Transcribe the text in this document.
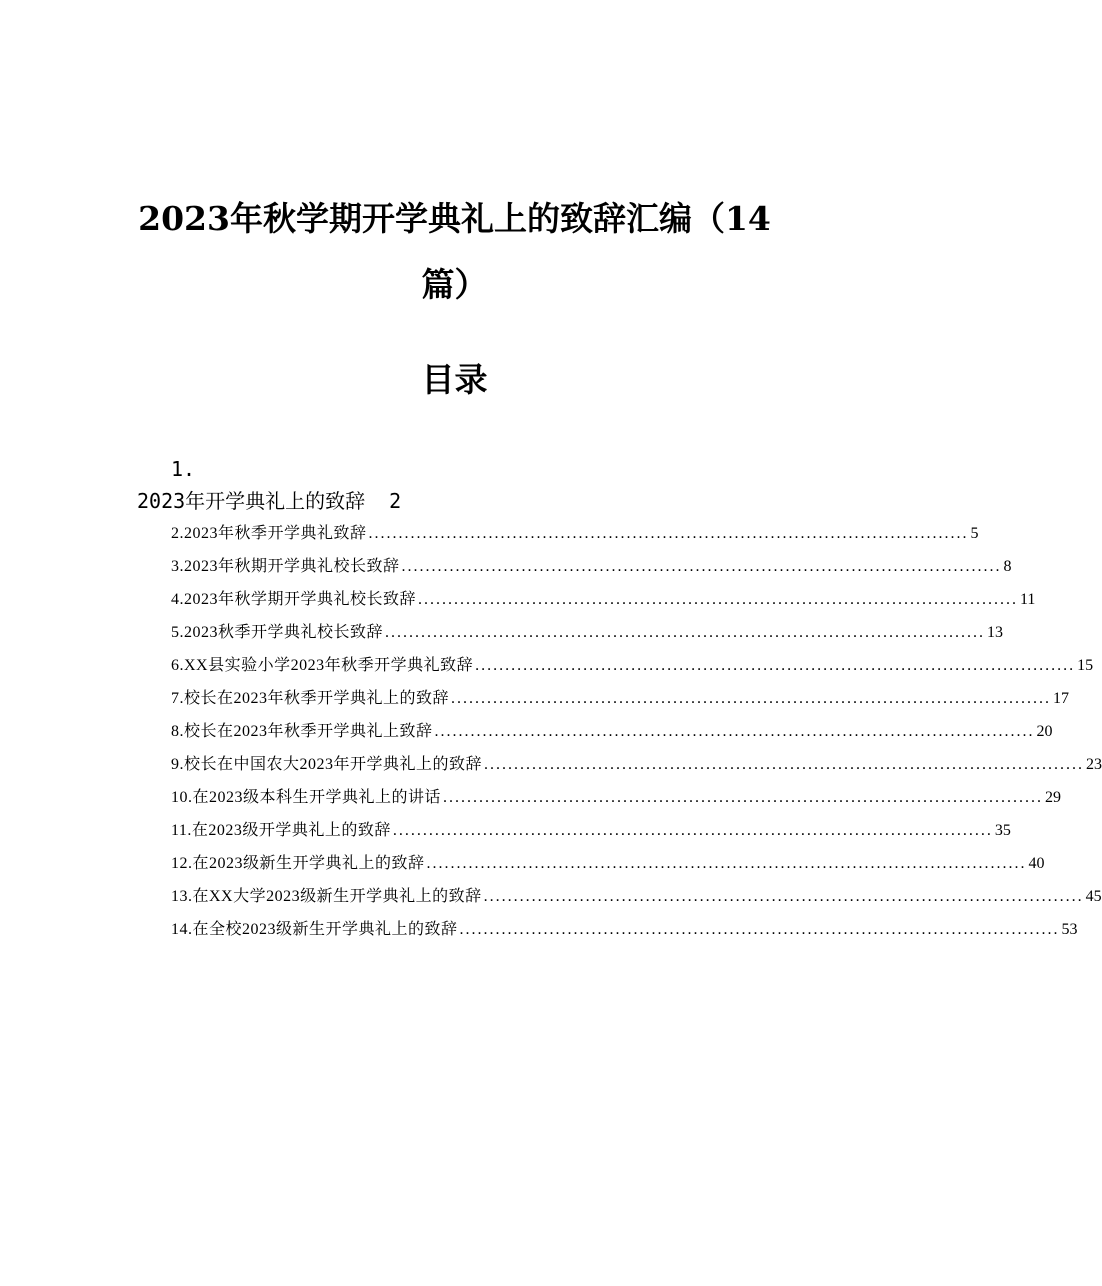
2023年秋学期开学典礼上的致辞汇编（14篇）
目录
1.
2023年开学典礼上的致辞 2
2.2023年秋季开学典礼致辞 .................................................................................................... 5
3.2023年秋期开学典礼校长致辞 .................................................................................................... 8
4.2023年秋学期开学典礼校长致辞 .................................................................................................... 11
5.2023秋季开学典礼校长致辞 .................................................................................................... 13
6.XX县实验小学2023年秋季开学典礼致辞 .................................................................................................... 15
7.校长在2023年秋季开学典礼上的致辞 .................................................................................................... 17
8.校长在2023年秋季开学典礼上致辞 .................................................................................................... 20
9.校长在中国农大2023年开学典礼上的致辞 .................................................................................................... 23
10.在2023级本科生开学典礼上的讲话 .................................................................................................... 29
11.在2023级开学典礼上的致辞 .................................................................................................... 35
12.在2023级新生开学典礼上的致辞 .................................................................................................... 40
13.在XX大学2023级新生开学典礼上的致辞 .................................................................................................... 45
14.在全校2023级新生开学典礼上的致辞 .................................................................................................... 53
